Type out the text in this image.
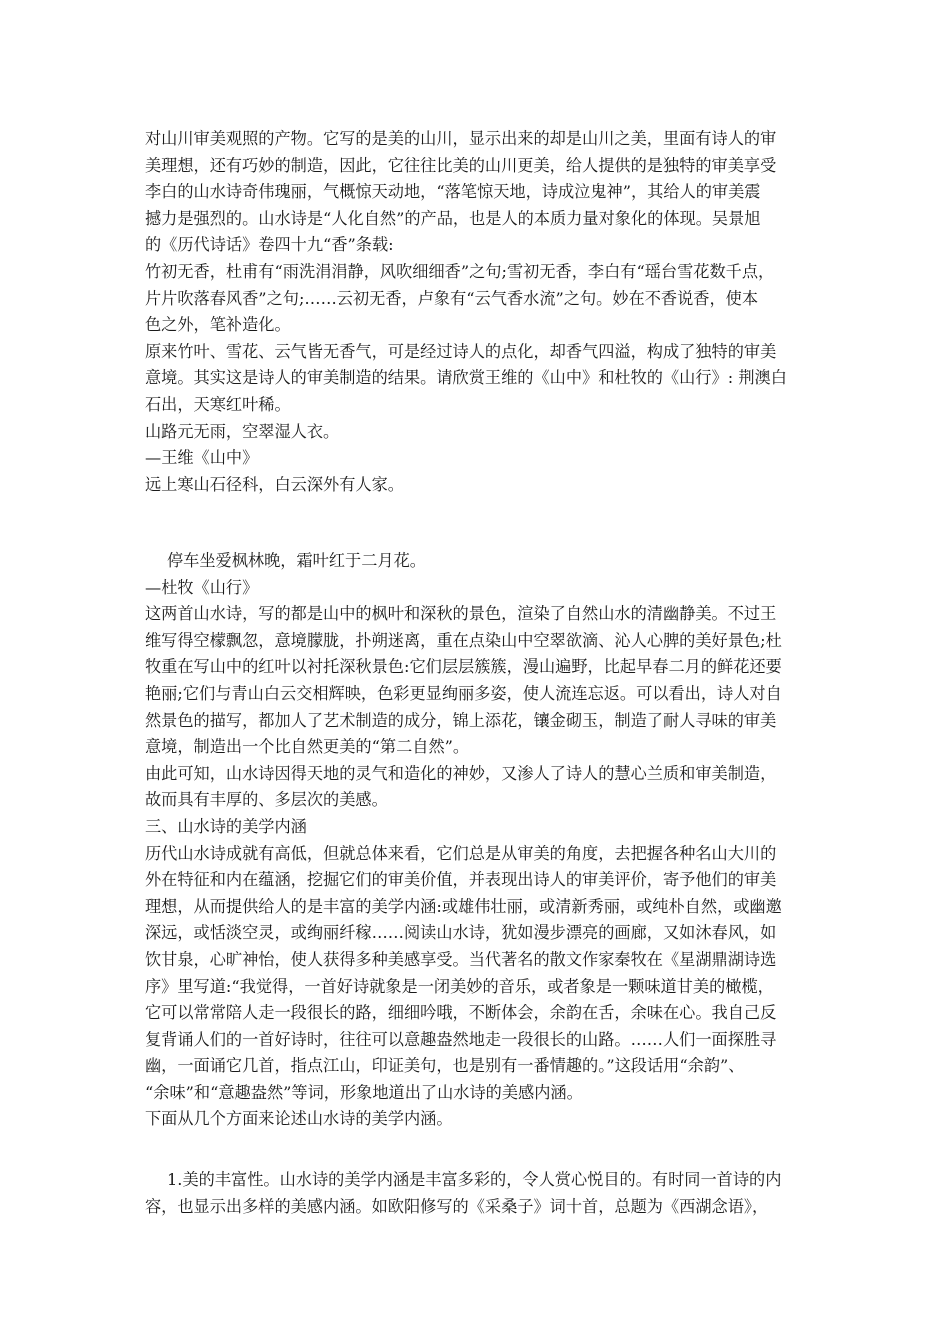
对山川审美观照的产物。它写的是美的山川，显示出来的却是山川之美，里面有诗人的审
美理想，还有巧妙的制造，因此，它往往比美的山川更美，给人提供的是独特的审美享受
李白的山水诗奇伟瑰丽，气概惊天动地，“落笔惊天地，诗成泣鬼神”，其给人的审美震
撼力是强烈的。山水诗是“人化自然”的产品，也是人的本质力量对象化的体现。吴景旭
的《历代诗话》卷四十九“香”条载:
竹初无香，杜甫有“雨洗涓涓静，风吹细细香”之句;雪初无香，李白有“瑶台雪花数千点，
片片吹落春风香”之句;……云初无香，卢象有“云气香水流”之句。妙在不香说香，使本
色之外，笔补造化。
原来竹叶、雪花、云气皆无香气，可是经过诗人的点化，却香气四溢，构成了独特的审美
意境。其实这是诗人的审美制造的结果。请欣赏王维的《山中》和杜牧的《山行》: 荆澳白
石出，天寒红叶稀。
山路元无雨，空翠湿人衣。
—王维《山中》
远上寒山石径科，白云深外有人家。
停车坐爱枫林晚，霜叶红于二月花。
—杜牧《山行》
这两首山水诗，写的都是山中的枫叶和深秋的景色，渲染了自然山水的清幽静美。不过王
维写得空檬飘忽，意境朦胧，扑朔迷离，重在点染山中空翠欲滴、沁人心脾的美好景色;杜
牧重在写山中的红叶以衬托深秋景色:它们层层簇簇，漫山遍野，比起早春二月的鲜花还要
艳丽;它们与青山白云交相辉映，色彩更显绚丽多姿，使人流连忘返。可以看出，诗人对自
然景色的描写，都加人了艺术制造的成分，锦上添花，镶金砌玉，制造了耐人寻味的审美
意境，制造出一个比自然更美的“第二自然”。
由此可知，山水诗因得天地的灵气和造化的神妙，又渗人了诗人的慧心兰质和审美制造，
故而具有丰厚的、多层次的美感。
三、山水诗的美学内涵
历代山水诗成就有高低，但就总体来看，它们总是从审美的角度，去把握各种名山大川的
外在特征和内在蕴涵，挖掘它们的审美价值，并表现出诗人的审美评价，寄予他们的审美
理想，从而提供给人的是丰富的美学内涵:或雄伟壮丽，或清新秀丽，或纯朴自然，或幽邀
深远，或恬淡空灵，或绚丽纤稼……阅读山水诗，犹如漫步漂亮的画廊，又如沐春风，如
饮甘泉，心旷神怡，使人获得多种美感享受。当代著名的散文作家秦牧在《星湖鼎湖诗选
序》里写道:“我觉得，一首好诗就象是一闭美妙的音乐，或者象是一颗味道甘美的橄榄，
它可以常常陪人走一段很长的路，细细吟哦，不断体会，余韵在舌，余味在心。我自己反
复背诵人们的一首好诗时，往往可以意趣盎然地走一段很长的山路。……人们一面探胜寻
幽，一面诵它几首，指点江山，印证美句，也是别有一番情趣的。”这段话用“余韵”、
“余味”和“意趣盎然”等词，形象地道出了山水诗的美感内涵。
下面从几个方面来论述山水诗的美学内涵。
1.美的丰富性。山水诗的美学内涵是丰富多彩的，令人赏心悦目的。有时同一首诗的内
容，也显示出多样的美感内涵。如欧阳修写的《采桑子》词十首，总题为《西湖念语》，
